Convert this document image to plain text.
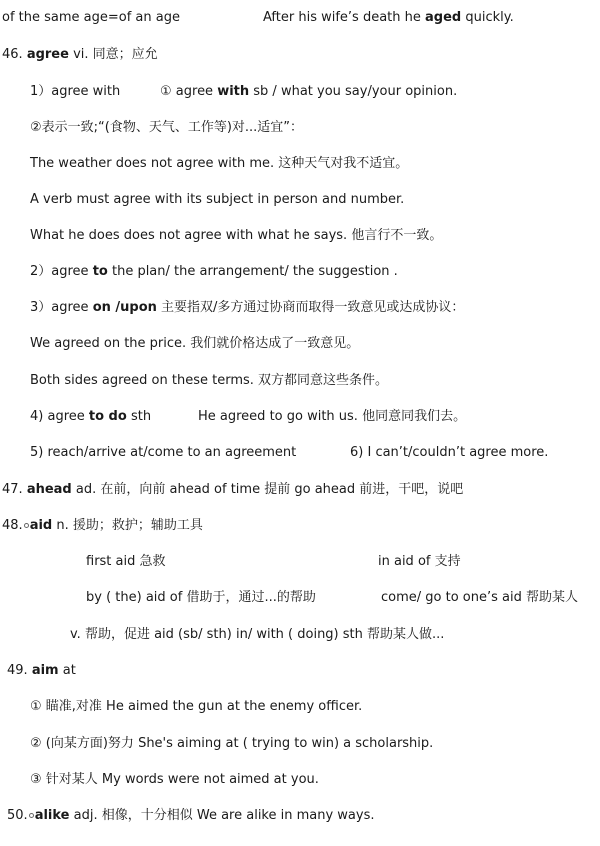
of the same age=of an age	After his wife’s death he aged quickly.
46. agree vi. 同意；应允
1）agree with	① agree with sb / what you say/your opinion.
②表示一致;“(食物、天气、工作等)对...适宜”：
The weather does not agree with me. 这种天气对我不适宜。
A verb must agree with its subject in person and number.
What he does does not agree with what he says. 他言行不一致。
2）agree to the plan/ the arrangement/ the suggestion .
3）agree on /upon 主要指双/多方通过协商而取得一致意见或达成协议：
We agreed on the price. 我们就价格达成了一致意见。
Both sides agreed on these terms. 双方都同意这些条件。
4) agree to do sth	He agreed to go with us. 他同意同我们去。
5) reach/arrive at/come to an agreement	6) I can’t/couldn’t agree more.
47. ahead ad. 在前，向前 ahead of time 提前 go ahead 前进，干吧，说吧
48. aid n. 援助；救护；辅助工具
first aid 急救	in aid of 支持
by ( the) aid of 借助于，通过...的帮助	come/ go to one’s aid 帮助某人
v. 帮助，促进 aid (sb/ sth) in/ with ( doing) sth 帮助某人做...
49. aim at
① 瞄准,对准 He aimed the gun at the enemy officer.
② (向某方面)努力 She's aiming at ( trying to win) a scholarship.
③ 针对某人 My words were not aimed at you.
50. alike adj. 相像，十分相似 We are alike in many ways.
